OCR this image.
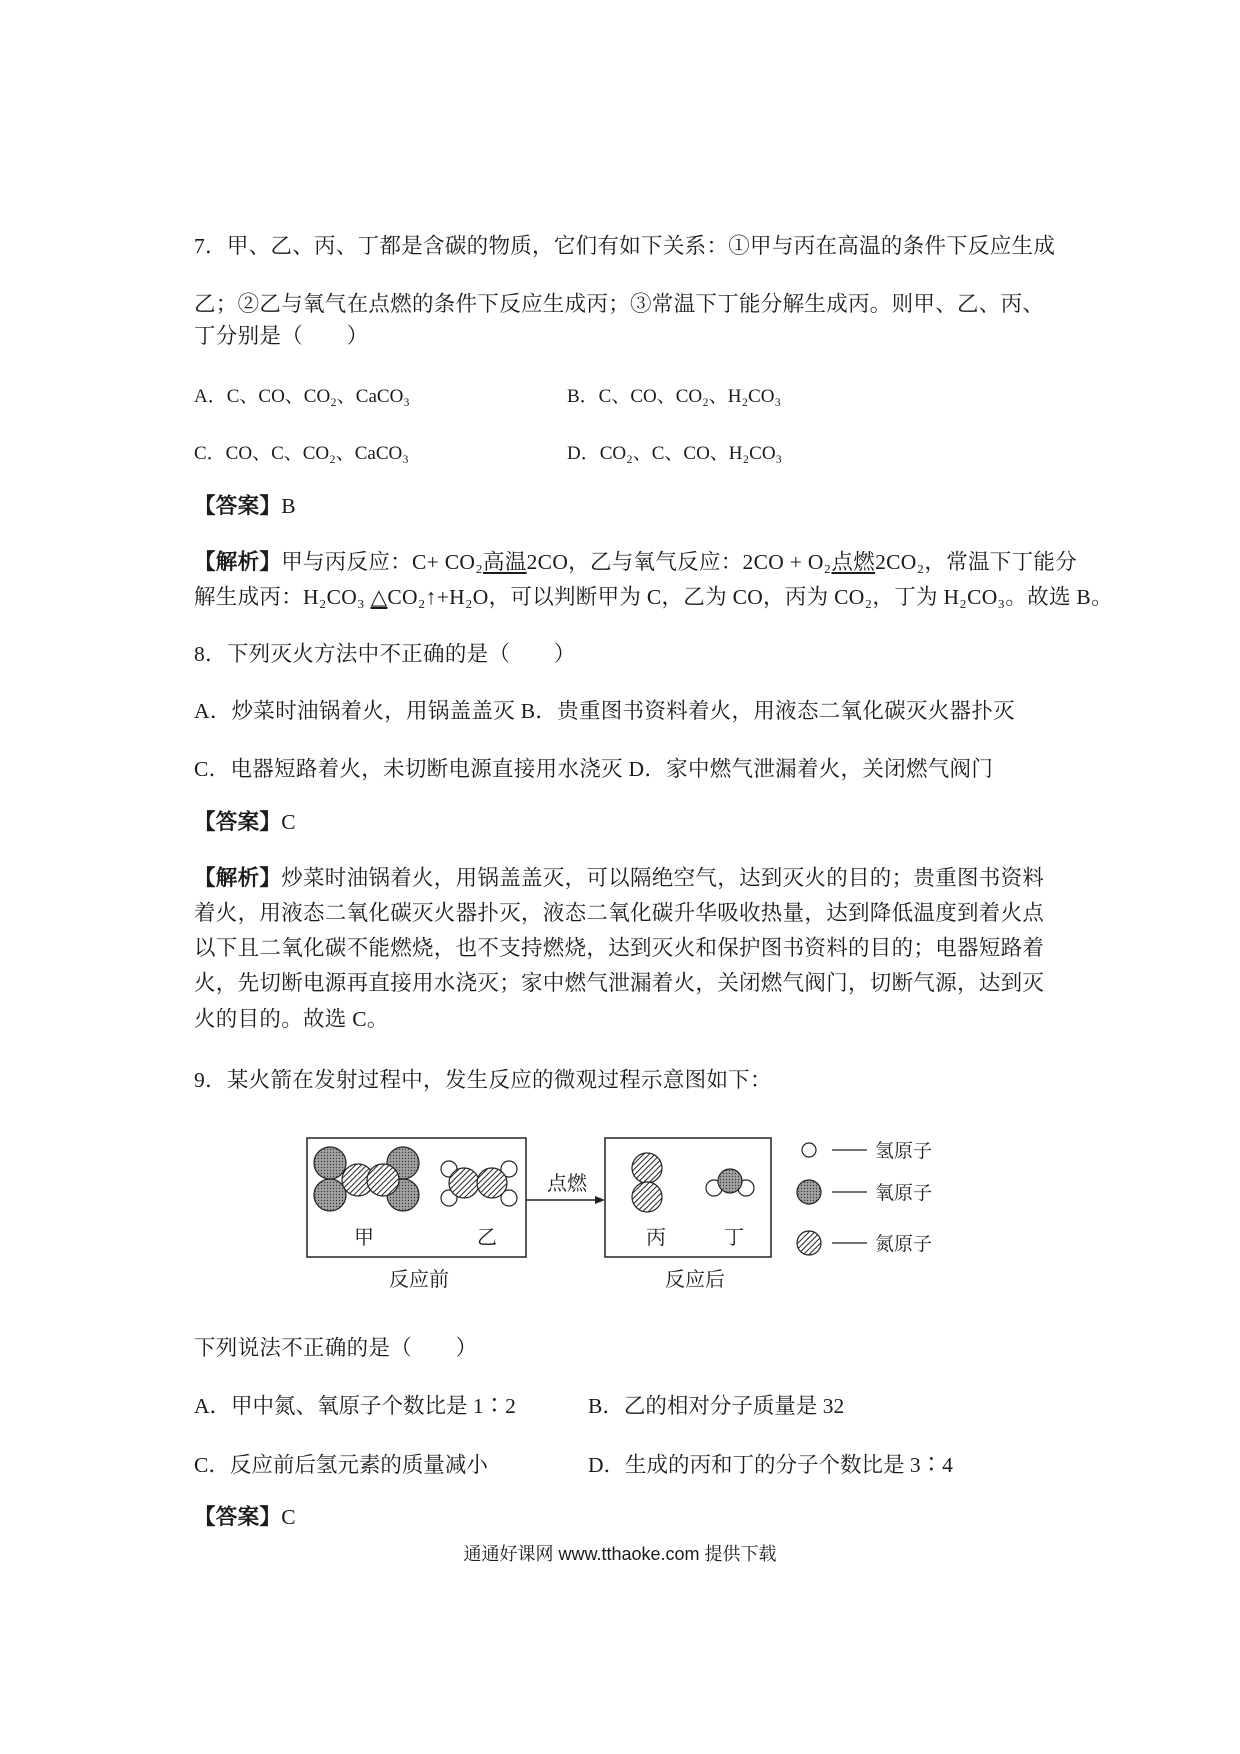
7．甲、乙、丙、丁都是含碳的物质，它们有如下关系：①甲与丙在高温的条件下反应生成
乙；②乙与氧气在点燃的条件下反应生成丙；③常温下丁能分解生成丙。则甲、乙、丙、
丁分别是（　　）
A．C、CO、CO₂、CaCO₃	B．C、CO、CO₂、H₂CO₃
C．CO、C、CO₂、CaCO₃	D．CO₂、C、CO、H₂CO₃
【答案】B
【解析】甲与丙反应：C+ CO₂高温2CO，乙与氧气反应：2CO + O₂点燃2CO₂，常温下丁能分
解生成丙：H₂CO₃ △CO₂↑+H₂O，可以判断甲为 C，乙为 CO，丙为 CO₂，丁为 H₂CO₃。故选 B。
8．下列灭火方法中不正确的是（　　）
A．炒菜时油锅着火，用锅盖盖灭 B．贵重图书资料着火，用液态二氧化碳灭火器扑灭
C．电器短路着火，未切断电源直接用水浇灭 D．家中燃气泄漏着火，关闭燃气阀门
【答案】C
【解析】炒菜时油锅着火，用锅盖盖灭，可以隔绝空气，达到灭火的目的；贵重图书资料
着火，用液态二氧化碳灭火器扑灭，液态二氧化碳升华吸收热量，达到降低温度到着火点
以下且二氧化碳不能燃烧，也不支持燃烧，达到灭火和保护图书资料的目的；电器短路着
火，先切断电源再直接用水浇灭；家中燃气泄漏着火，关闭燃气阀门，切断气源，达到灭
火的目的。故选 C。
9．某火箭在发射过程中，发生反应的微观过程示意图如下：
甲	乙
点燃
丙	丁
反应前	反应后
氢原子
氧原子
氮原子
下列说法不正确的是（　　）
A．甲中氮、氧原子个数比是 1∶2	B．乙的相对分子质量是 32
C．反应前后氢元素的质量减小	D．生成的丙和丁的分子个数比是 3∶4
【答案】C
通通好课网 www.tthaoke.com 提供下载
